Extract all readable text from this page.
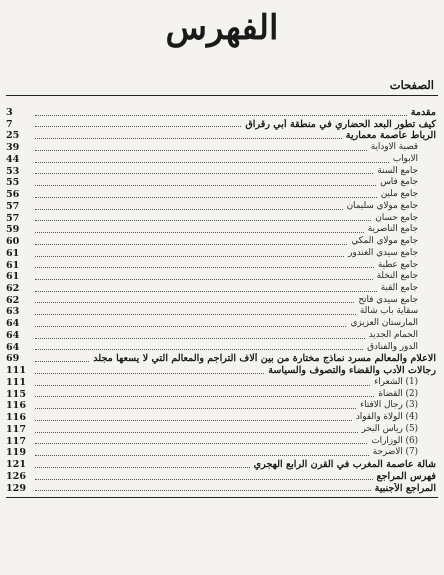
الفهرس
الصفحات
مقدمة
3
كيف تطور البعد الحضاري في منطقة أبي رقراق
7
الرباط عاصمة معمارية
25
قصبة الأوداية
39
الأبواب
44
جامع السنة
53
جامع فاس
55
جامع ملين
56
جامع مولاي سليمان
57
جامع حسان
57
جامع الناصرية
59
جامع مولاي المكي
60
جامع سيدي الغندور
61
جامع عطية
61
جامع النخلة
61
جامع القبة
62
جامع سيدي فاتح
62
سقاية باب شالة
63
المارستان العزيزي
64
الحمام الجديد
64
الدور والفنادق
64
الاعلام والمعالم مسرد نماذج مختارة من بين آلاف التراجم والمعالم التي لا يسعها مجلد
69
رجالات الأدب والقضاء والتصوف والسياسة
111
(1) الشعراء
111
(2) القضاة
115
(3) رجال الافتاء
116
(4) الولاة والقواد
116
(5) رياس البحر
117
(6) الوزارات
117
(7) الأضرحة
119
شالة عاصمة المغرب في القرن الرابع الهجري
121
فهرس المراجع
126
المراجع الأجنبية
129
